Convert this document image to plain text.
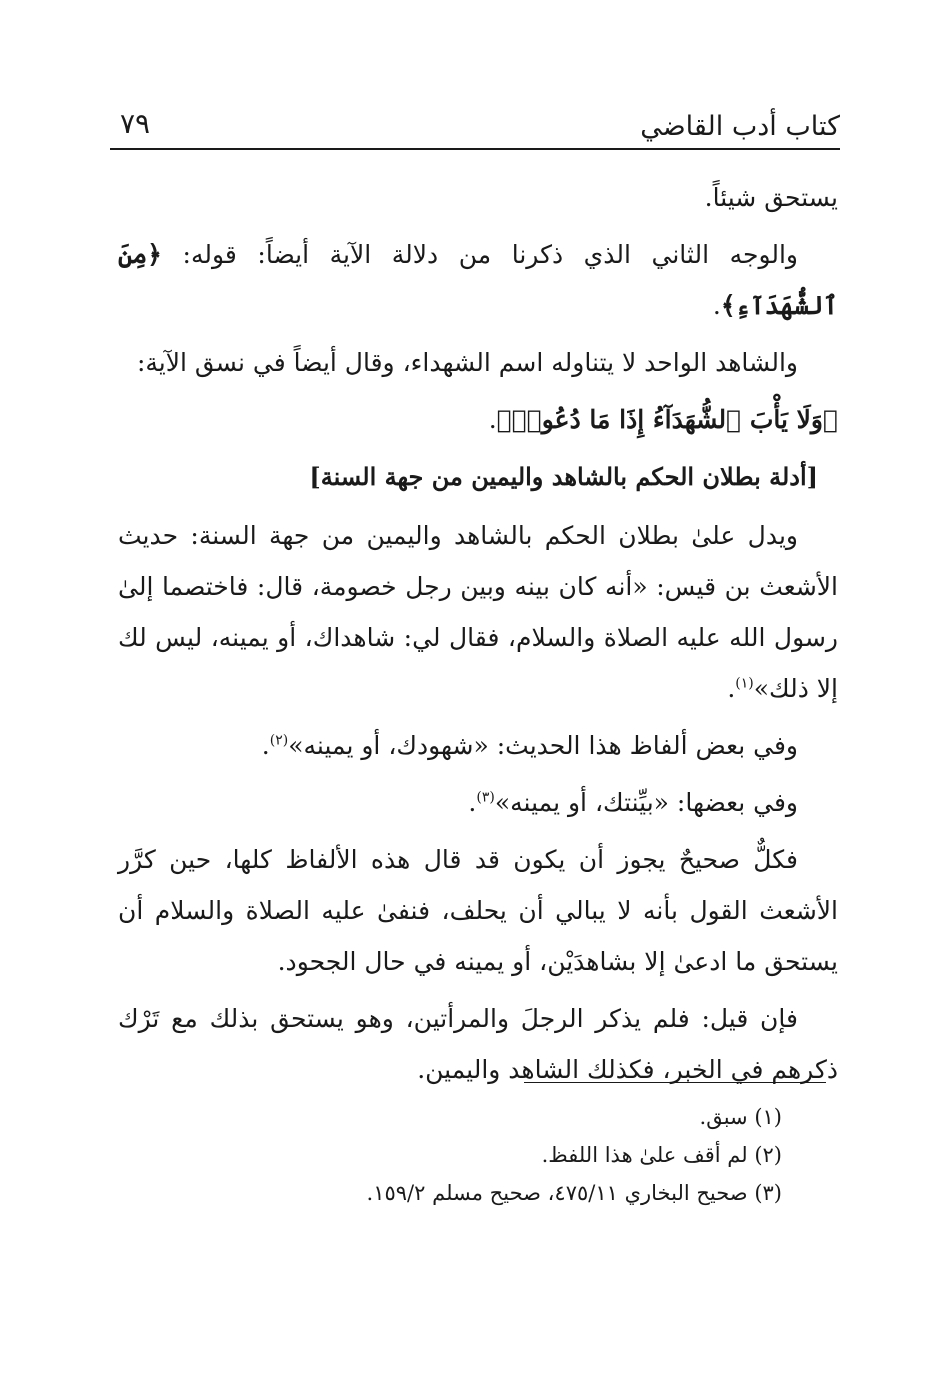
كتاب أدب القاضي
٧٩

يستحق شيئاً.

والوجه الثاني الذي ذكرنا من دلالة الآية أيضاً: قوله: ﴿مِنَ ٱلشُّهَدَآءِ﴾.

والشاهد الواحد لا يتناوله اسم الشهداء، وقال أيضاً في نسق الآية:

﴿وَلَا يَأْبَ ٱلشُّهَدَآءُ إِذَا مَا دُعُوا۟﴾.

[أدلة بطلان الحكم بالشاهد واليمين من جهة السنة]

ويدل علىٰ بطلان الحكم بالشاهد واليمين من جهة السنة: حديث الأشعث بن قيس: «أنه كان بينه وبين رجل خصومة، قال: فاختصما إلىٰ رسول الله عليه الصلاة والسلام، فقال لي: شاهداك، أو يمينه، ليس لك إلا ذلك»$^{(١)}$.

وفي بعض ألفاظ هذا الحديث: «شهودك، أو يمينه»$^{(٢)}$.

وفي بعضها: «بيِّنتك، أو يمينه»$^{(٣)}$.

فكلٌّ صحيحٌ يجوز أن يكون قد قال هذه الألفاظ كلها، حين كرَّر الأشعث القول بأنه لا يبالي أن يحلف، فنفىٰ عليه الصلاة والسلام أن يستحق ما ادعىٰ إلا بشاهدَيْن، أو يمينه في حال الجحود.

فإن قيل: فلم يذكر الرجلَ والمرأتين، وهو يستحق بذلك مع تَرْك ذكرهم في الخبر، فكذلك الشاهد واليمين.

(١) سبق.

(٢) لم أقف علىٰ هذا اللفظ.

(٣) صحيح البخاري ٤٧٥/١١، صحيح مسلم ١٥٩/٢.
